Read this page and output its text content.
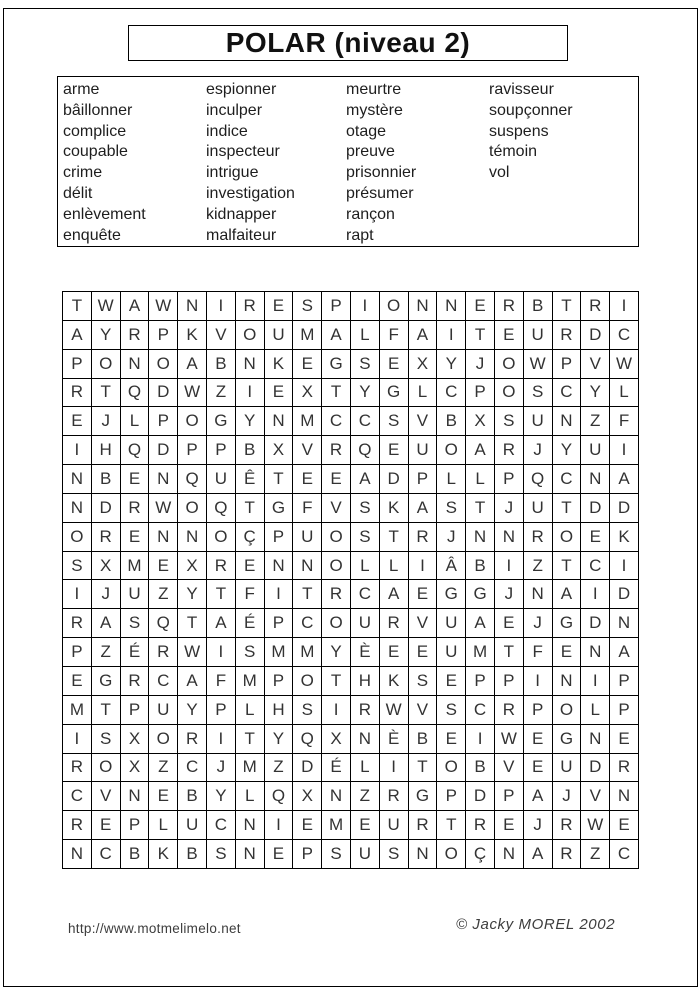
POLAR (niveau 2)
arme
bâillonner
complice
coupable
crime
délit
enlèvement
enquête
espionner
inculper
indice
inspecteur
intrigue
investigation
kidnapper
malfaiteur
meurtre
mystère
otage
preuve
prisonnier
présumer
rançon
rapt
ravisseur
soupçonner
suspens
témoin
vol
T W A W N	I	R E	S	P	I	O N N E R B	T	R	I
A	Y R P	K	V O U M A	L	F	A	I	T	E U R D C
P O N O A	B N K	E G S	E	X	Y	J	O W P	V W
R	T Q D W Z	I	E	X	T	Y G	L	C P O S C Y	L
E	J	L	P O G Y N M C C S	V	B	X	S U N	Z	F
I	H Q D P	P	B	X	V R Q E U O A R	J	Y U	I
N B	E N Q U Ê	T	E	E	A D P	L	L	P Q C N A
N D R W O Q T G F	V	S	K	A	S	T	J	U	T	D D
O R E N N O Ç P U O S	T	R	J	N N R O E	K
S	X M E	X R E N N O	L	L	I	Â	B	I	Z	T	C	I
I	J	U	Z	Y	T	F	I	T	R C A	E G G	J	N A	I	D
R A	S Q T	A	É	P C O U R V U A	E	J	G D N
P	Z	É R W	I	S M M Y	È	E	E U M T	F	E N A
E G R C A	F M P O T	H K	S	E	P	P	I	N	I	P
M T	P U Y	P	L	H S	I	R W V	S C R P O	L	P
I	S	X O R	I	T	Y Q X N È	B	E	I	W E G N E
R O X	Z	C	J	M Z	D É	L	I	T O B	V	E U D R
C V N E	B	Y	L	Q X N	Z	R G P D P	A	J	V N
R E	P	L	U C N	I	E M E U R	T	R E	J	R W E
N C B	K	B	S N E	P	S U S N O Ç N A R	Z	C
http://www.motmelimelo.net	© Jacky MOREL 2002
